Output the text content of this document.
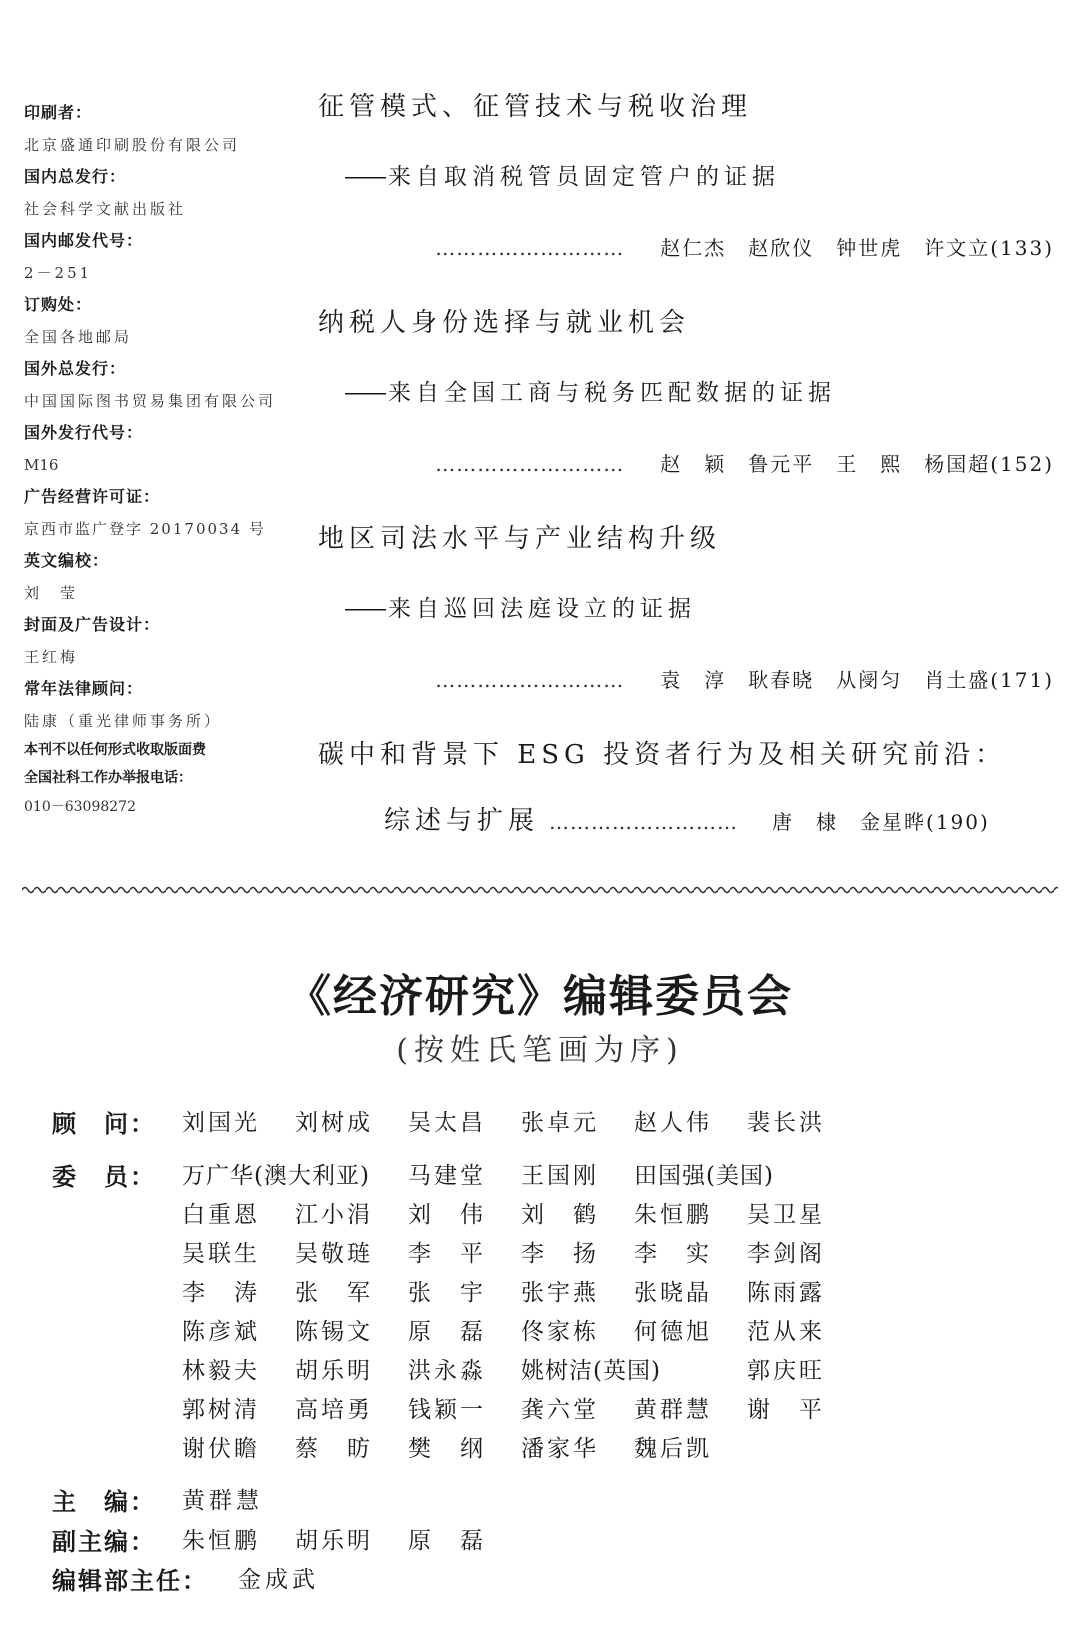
印刷者：
北京盛通印刷股份有限公司
国内总发行：
社会科学文献出版社
国内邮发代号：
2－251
订购处：
全国各地邮局
国外总发行：
中国国际图书贸易集团有限公司
国外发行代号：
M16
广告经营许可证：
京西市监广登字 20170034 号
英文编校：
刘　莹
封面及广告设计：
王红梅
常年法律顾问：
陆康（重光律师事务所）
本刊不以任何形式收取版面费
全国社科工作办举报电话：
010－63098272
征管模式、征管技术与税收治理
—— 来自取消税管员固定管户的证据
……………………… 赵仁杰 赵欣仪 钟世虎 许文立(133)
纳税人身份选择与就业机会
—— 来自全国工商与税务匹配数据的证据
……………………… 赵　颖 鲁元平 王　熙 杨国超(152)
地区司法水平与产业结构升级
—— 来自巡回法庭设立的证据
……………………… 袁　淳 耿春晓 从阌匀 肖土盛(171)
碳中和背景下 ESG 投资者行为及相关研究前沿：
综述与扩展 ……………………… 唐　棣 金星晔(190)
《经济研究》编辑委员会
(按姓氏笔画为序)
顾　问： 刘国光 刘树成 吴太昌 张卓元 赵人伟 裴长洪
委　员： 万广华(澳大利亚) 马建堂 王国刚 田国强(美国)
白重恩 江小涓 刘　伟 刘　鹤 朱恒鹏 吴卫星
吴联生 吴敬琏 李　平 李　扬 李　实 李剑阁
李　涛 张　军 张　宇 张宇燕 张晓晶 陈雨露
陈彦斌 陈锡文 原　磊 佟家栋 何德旭 范从来
林毅夫 胡乐明 洪永淼 姚树洁(英国)	郭庆旺
郭树清 高培勇 钱颖一 龚六堂 黄群慧 谢　平
谢伏瞻 蔡　昉 樊　纲 潘家华 魏后凯
主　编： 黄群慧
副主编： 朱恒鹏 胡乐明 原　磊
编辑部主任： 金成武
